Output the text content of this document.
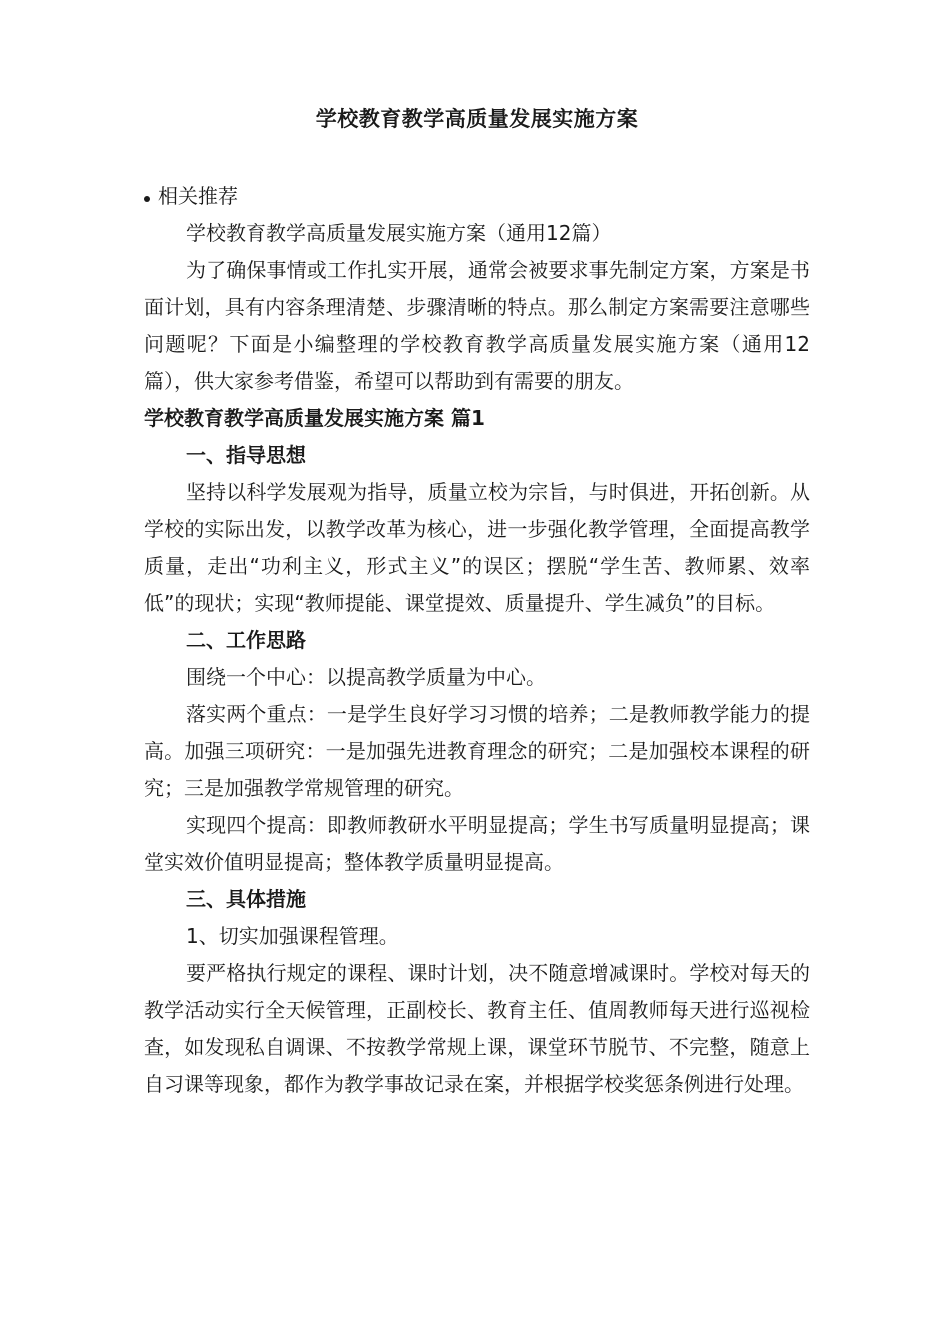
学校教育教学高质量发展实施方案

相关推荐

学校教育教学高质量发展实施方案（通用12篇）

为了确保事情或工作扎实开展，通常会被要求事先制定方案，方案是书面计划，具有内容条理清楚、步骤清晰的特点。那么制定方案需要注意哪些问题呢？下面是小编整理的学校教育教学高质量发展实施方案（通用12篇），供大家参考借鉴，希望可以帮助到有需要的朋友。

学校教育教学高质量发展实施方案 篇1

一、指导思想

坚持以科学发展观为指导，质量立校为宗旨，与时俱进，开拓创新。从学校的实际出发，以教学改革为核心，进一步强化教学管理，全面提高教学质量，走出“功利主义，形式主义”的误区；摆脱“学生苦、教师累、效率低”的现状；实现“教师提能、课堂提效、质量提升、学生减负”的目标。

二、工作思路

围绕一个中心：以提高教学质量为中心。

落实两个重点：一是学生良好学习习惯的培养；二是教师教学能力的提高。加强三项研究：一是加强先进教育理念的研究；二是加强校本课程的研究；三是加强教学常规管理的研究。

实现四个提高：即教师教研水平明显提高；学生书写质量明显提高；课堂实效价值明显提高；整体教学质量明显提高。

三、具体措施

1、切实加强课程管理。

要严格执行规定的课程、课时计划，决不随意增减课时。学校对每天的教学活动实行全天候管理，正副校长、教育主任、值周教师每天进行巡视检查，如发现私自调课、不按教学常规上课，课堂环节脱节、不完整，随意上自习课等现象，都作为教学事故记录在案，并根据学校奖惩条例进行处理。
